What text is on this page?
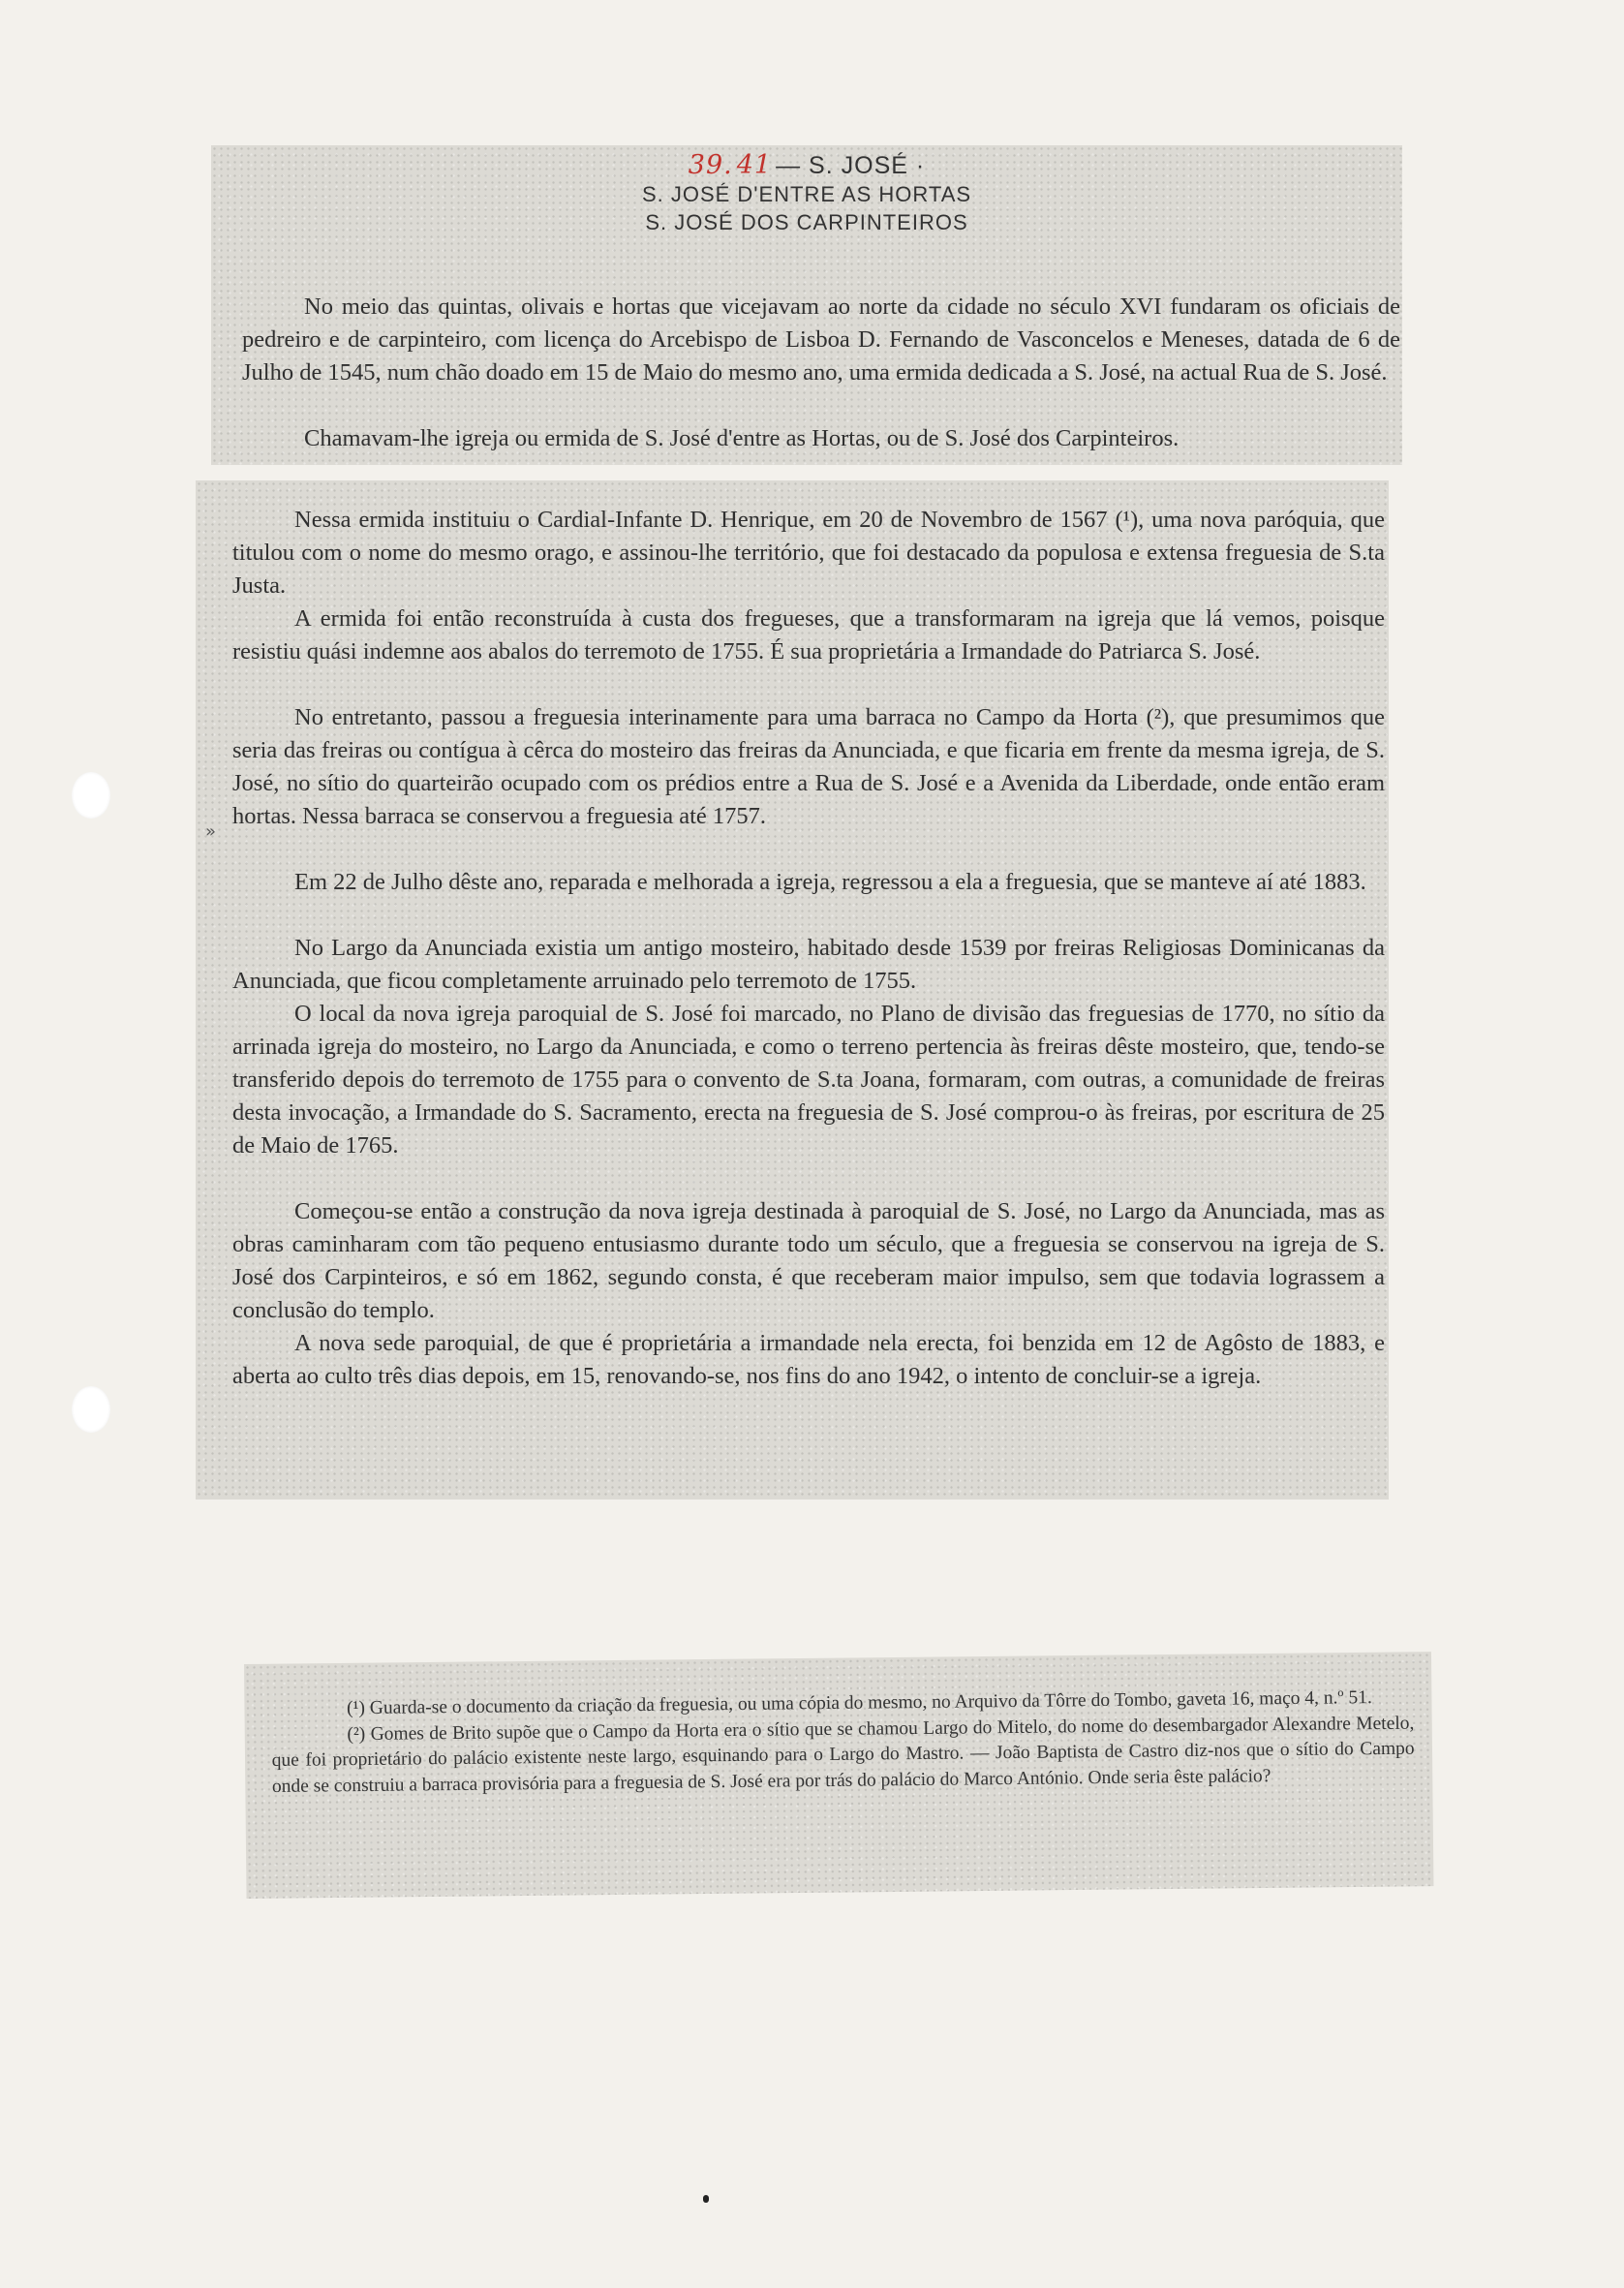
39. 41 — S. JOSÉ ·
S. JOSÉ D'ENTRE AS HORTAS
S. JOSÉ DOS CARPINTEIROS

No meio das quintas, olivais e hortas que vicejavam ao norte da cidade no século XVI fundaram os oficiais de pedreiro e de carpinteiro, com licença do Arcebispo de Lisboa D. Fernando de Vasconcelos e Meneses, datada de 6 de Julho de 1545, num chão doado em 15 de Maio do mesmo ano, uma ermida dedicada a S. José, na actual Rua de S. José.

Chamavam-lhe igreja ou ermida de S. José d'entre as Hortas, ou de S. José dos Carpinteiros.

Nessa ermida instituiu o Cardial-Infante D. Henrique, em 20 de Novembro de 1567 (¹), uma nova paróquia, que titulou com o nome do mesmo orago, e assinou-lhe território, que foi destacado da populosa e extensa freguesia de S.ta Justa.

A ermida foi então reconstruída à custa dos fregueses, que a transformaram na igreja que lá vemos, poisque resistiu quási indemne aos abalos do terremoto de 1755. É sua proprietária a Irmandade do Patriarca S. José.

No entretanto, passou a freguesia interinamente para uma barraca no Campo da Horta (²), que presumimos que seria das freiras ou contígua à cêrca do mosteiro das freiras da Anunciada, e que ficaria em frente da mesma igreja, de S. José, no sítio do quarteirão ocupado com os prédios entre a Rua de S. José e a Avenida da Liberdade, onde então eram hortas. Nessa barraca se conservou a freguesia até 1757.

»

Em 22 de Julho dêste ano, reparada e melhorada a igreja, regressou a ela a freguesia, que se manteve aí até 1883.

No Largo da Anunciada existia um antigo mosteiro, habitado desde 1539 por freiras Religiosas Dominicanas da Anunciada, que ficou completamente arruinado pelo terremoto de 1755.

O local da nova igreja paroquial de S. José foi marcado, no Plano de divisão das freguesias de 1770, no sítio da arrinada igreja do mosteiro, no Largo da Anunciada, e como o terreno pertencia às freiras dêste mosteiro, que, tendo-se transferido depois do terremoto de 1755 para o convento de S.ta Joana, formaram, com outras, a comunidade de freiras desta invocação, a Irmandade do S. Sacramento, erecta na freguesia de S. José comprou-o às freiras, por escritura de 25 de Maio de 1765.

Começou-se então a construção da nova igreja destinada à paroquial de S. José, no Largo da Anunciada, mas as obras caminharam com tão pequeno entusiasmo durante todo um século, que a freguesia se conservou na igreja de S. José dos Carpinteiros, e só em 1862, segundo consta, é que receberam maior impulso, sem que todavia lograssem a conclusão do templo.

A nova sede paroquial, de que é proprietária a irmandade nela erecta, foi benzida em 12 de Agôsto de 1883, e aberta ao culto três dias depois, em 15, renovando-se, nos fins do ano 1942, o intento de concluir-se a igreja.

(¹) Guarda-se o documento da criação da freguesia, ou uma cópia do mesmo, no Arquivo da Tôrre do Tombo, gaveta 16, maço 4, n.º 51.
(²) Gomes de Brito supõe que o Campo da Horta era o sítio que se chamou Largo do Mitelo, do nome do desembargador Alexandre Metelo, que foi proprietário do palácio existente neste largo, esquinando para o Largo do Mastro. — João Baptista de Castro diz-nos que o sítio do Campo onde se construiu a barraca provisória para a freguesia de S. José era por trás do palácio do Marco António. Onde seria êste palácio?
